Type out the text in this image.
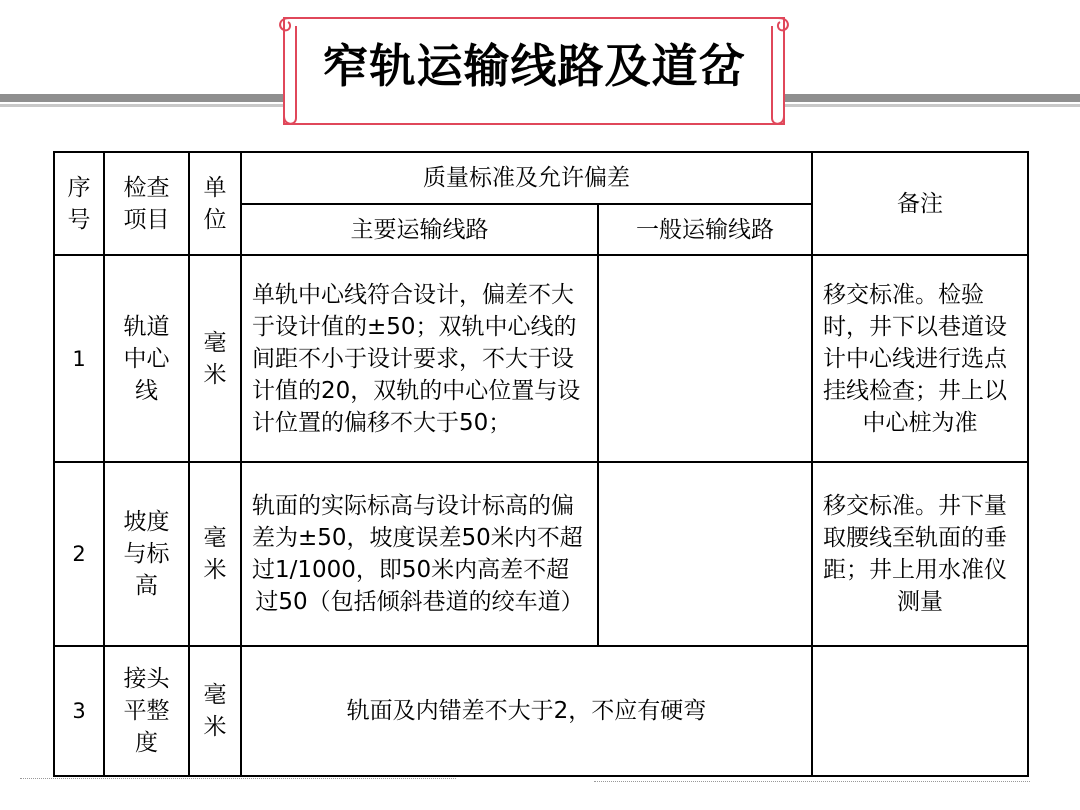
窄轨运输线路及道岔
序号	检查项目	单位	质量标准及允许偏差		备注
			主要运输线路	一般运输线路	
1	轨道中心线	毫米	单轨中心线符合设计，偏差不大于设计值的±50；双轨中心线的间距不小于设计要求，不大于设计值的20，双轨的中心位置与设计位置的偏移不大于50；		移交标准。检验时，井下以巷道设计中心线进行选点挂线检查；井上以中心桩为准

2	坡度与标高	毫米	轨面的实际标高与设计标高的偏差为±50，坡度误差50米内不超过1/1000，即50米内高差不超过50（包括倾斜巷道的绞车道）		移交标准。井下量取腰线至轨面的垂距；井上用水准仪测量

3	接头平整度	毫米	轨面及内错差不大于2，不应有硬弯		
